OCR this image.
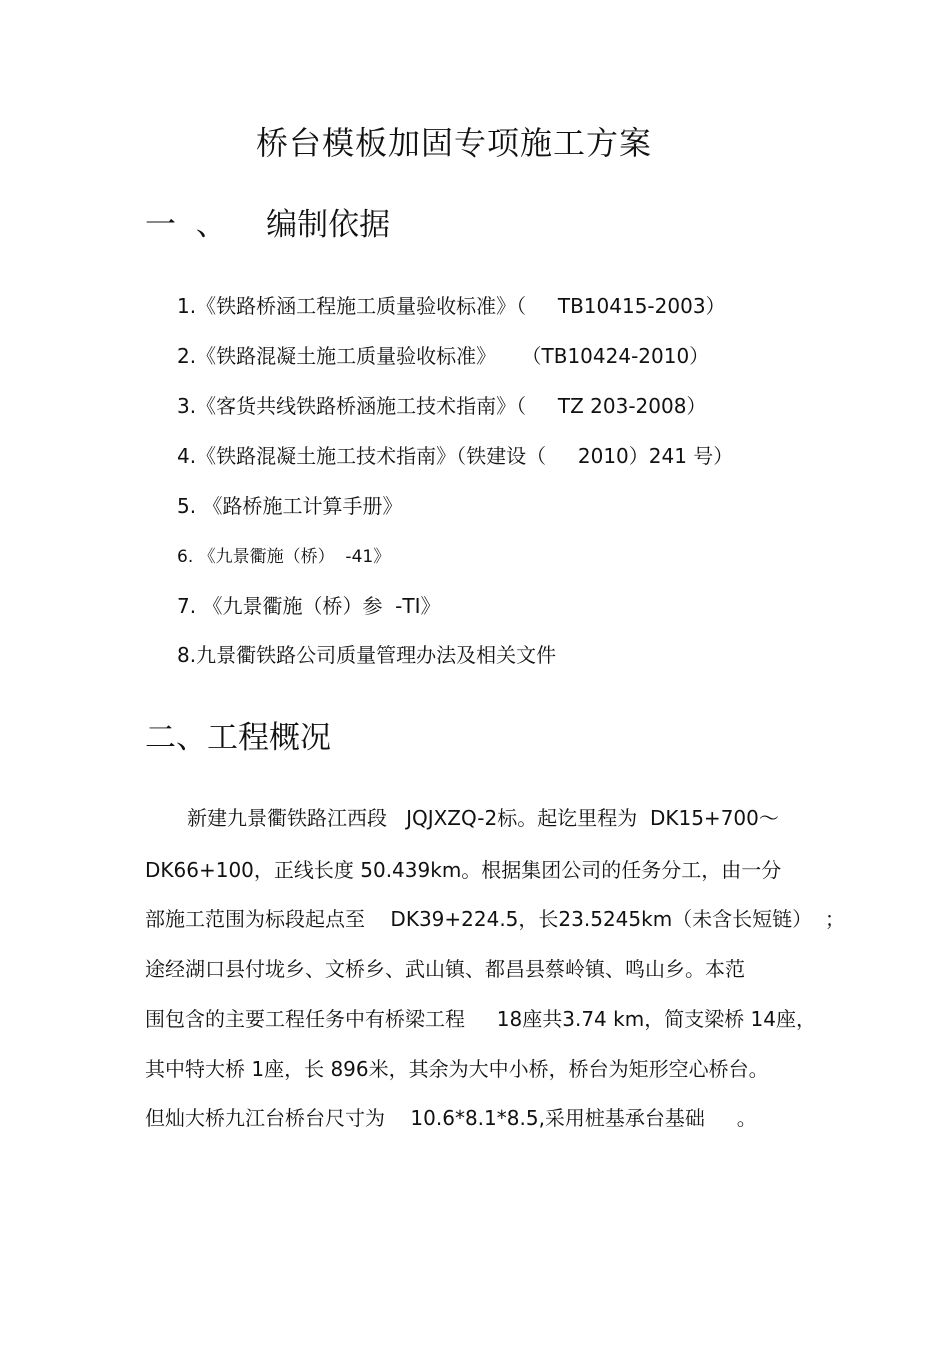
桥台模板加固专项施工方案
一  、    编制依据
1.《铁路桥涵工程施工质量验收标准》（     TB10415-2003）
2.《铁路混凝土施工质量验收标准》    （TB10424-2010）
3.《客货共线铁路桥涵施工技术指南》（     TZ 203-2008）
4.《铁路混凝土施工技术指南》（铁建设（     2010）241 号）
5. 《路桥施工计算手册》
6. 《九景衢施（桥）  -41》
7. 《九景衢施（桥）参  -TI》
8.九景衢铁路公司质量管理办法及相关文件
二、工程概况
新建九景衢铁路江西段   JQJXZQ-2标。起讫里程为  DK15+700～
DK66+100，正线长度 50.439km。根据集团公司的任务分工，由一分
部施工范围为标段起点至    DK39+224.5，长23.5245km（未含长短链）  ；
途经湖口县付垅乡、文桥乡、武山镇、都昌县蔡岭镇、鸣山乡。本范
围包含的主要工程任务中有桥梁工程     18座共3.74 km，简支梁桥 14座，
其中特大桥 1座，长 896米，其余为大中小桥，桥台为矩形空心桥台。
但灿大桥九江台桥台尺寸为    10.6*8.1*8.5,采用桩基承台基础     。
